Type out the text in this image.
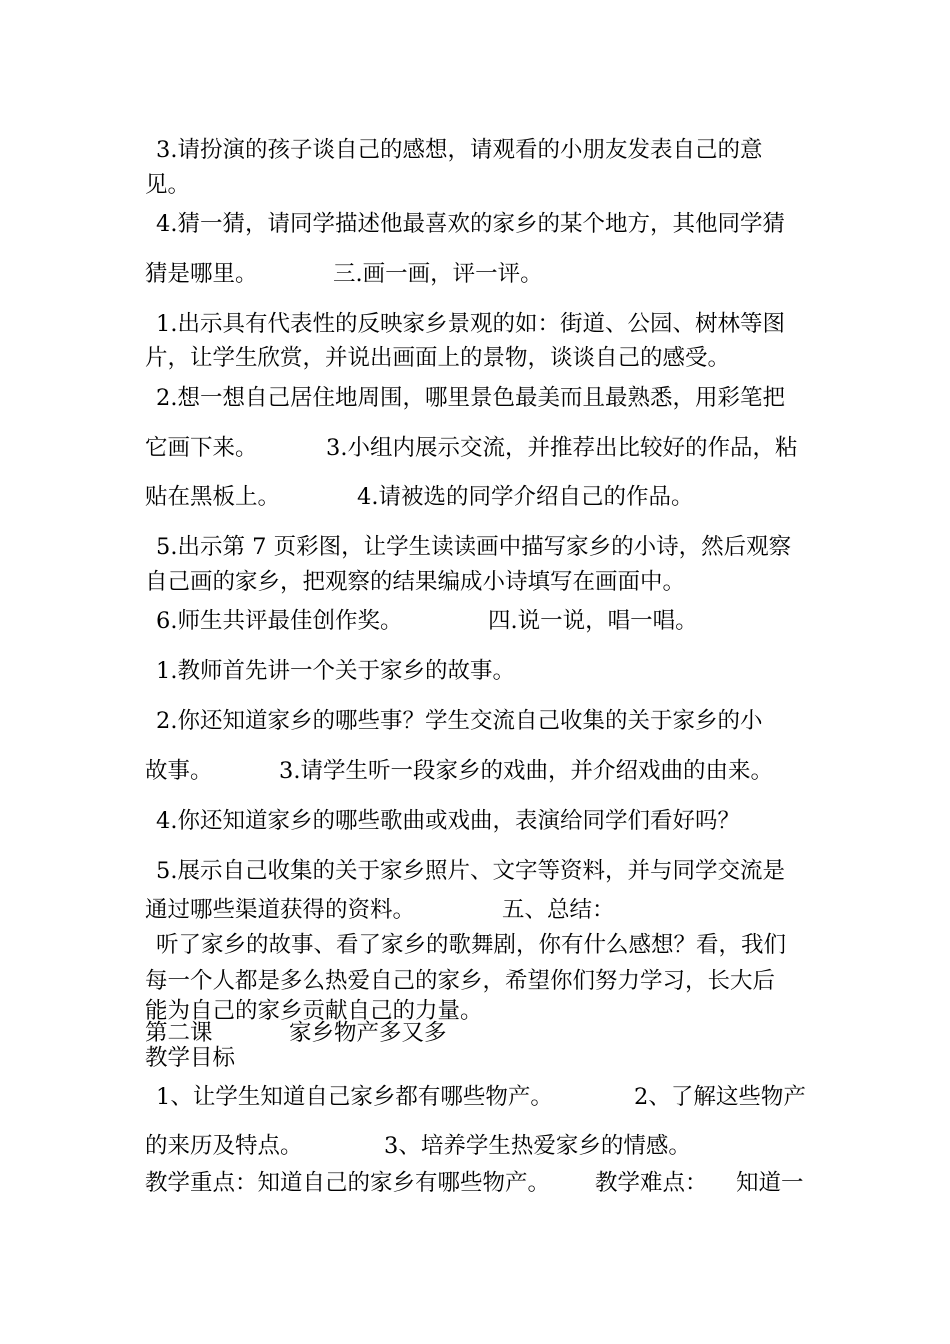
3.请扮演的孩子谈自己的感想，请观看的小朋友发表自己的意
见。
4.猜一猜，请同学描述他最喜欢的家乡的某个地方，其他同学猜

猜是哪里。

	三.画一画，评一评。

1.出示具有代表性的反映家乡景观的如：街道、公园、树林等图
片，让学生欣赏，并说出画面上的景物，谈谈自己的感受。
2.想一想自己居住地周围，哪里景色最美而且最熟悉，用彩笔把

它画下来。

	3.小组内展示交流，并推荐出比较好的作品，粘

贴在黑板上。

	4.请被选的同学介绍自己的作品。

5.出示第 7 页彩图，让学生读读画中描写家乡的小诗，然后观察
自己画的家乡，把观察的结果编成小诗填写在画面中。

6.师生共评最佳创作奖。

	四.说一说，唱一唱。

1.教师首先讲一个关于家乡的故事。
2.你还知道家乡的哪些事？学生交流自己收集的关于家乡的小

故事。

	3.请学生听一段家乡的戏曲，并介绍戏曲的由来。

4.你还知道家乡的哪些歌曲或戏曲，表演给同学们看好吗？
5.展示自己收集的关于家乡照片、文字等资料，并与同学交流是

通过哪些渠道获得的资料。

	五、总结：

听了家乡的故事、看了家乡的歌舞剧，你有什么感想？看，我们
每一个人都是多么热爱自己的家乡，希望你们努力学习，长大后
能为自己的家乡贡献自己的力量。

第二课

	家乡物产多又多

教学目标

1、让学生知道自己家乡都有哪些物产。

	2、了解这些物产

的来历及特点。

	3、培养学生热爱家乡的情感。

教学重点：知道自己的家乡有哪些物产。

教学难点：

知道一
